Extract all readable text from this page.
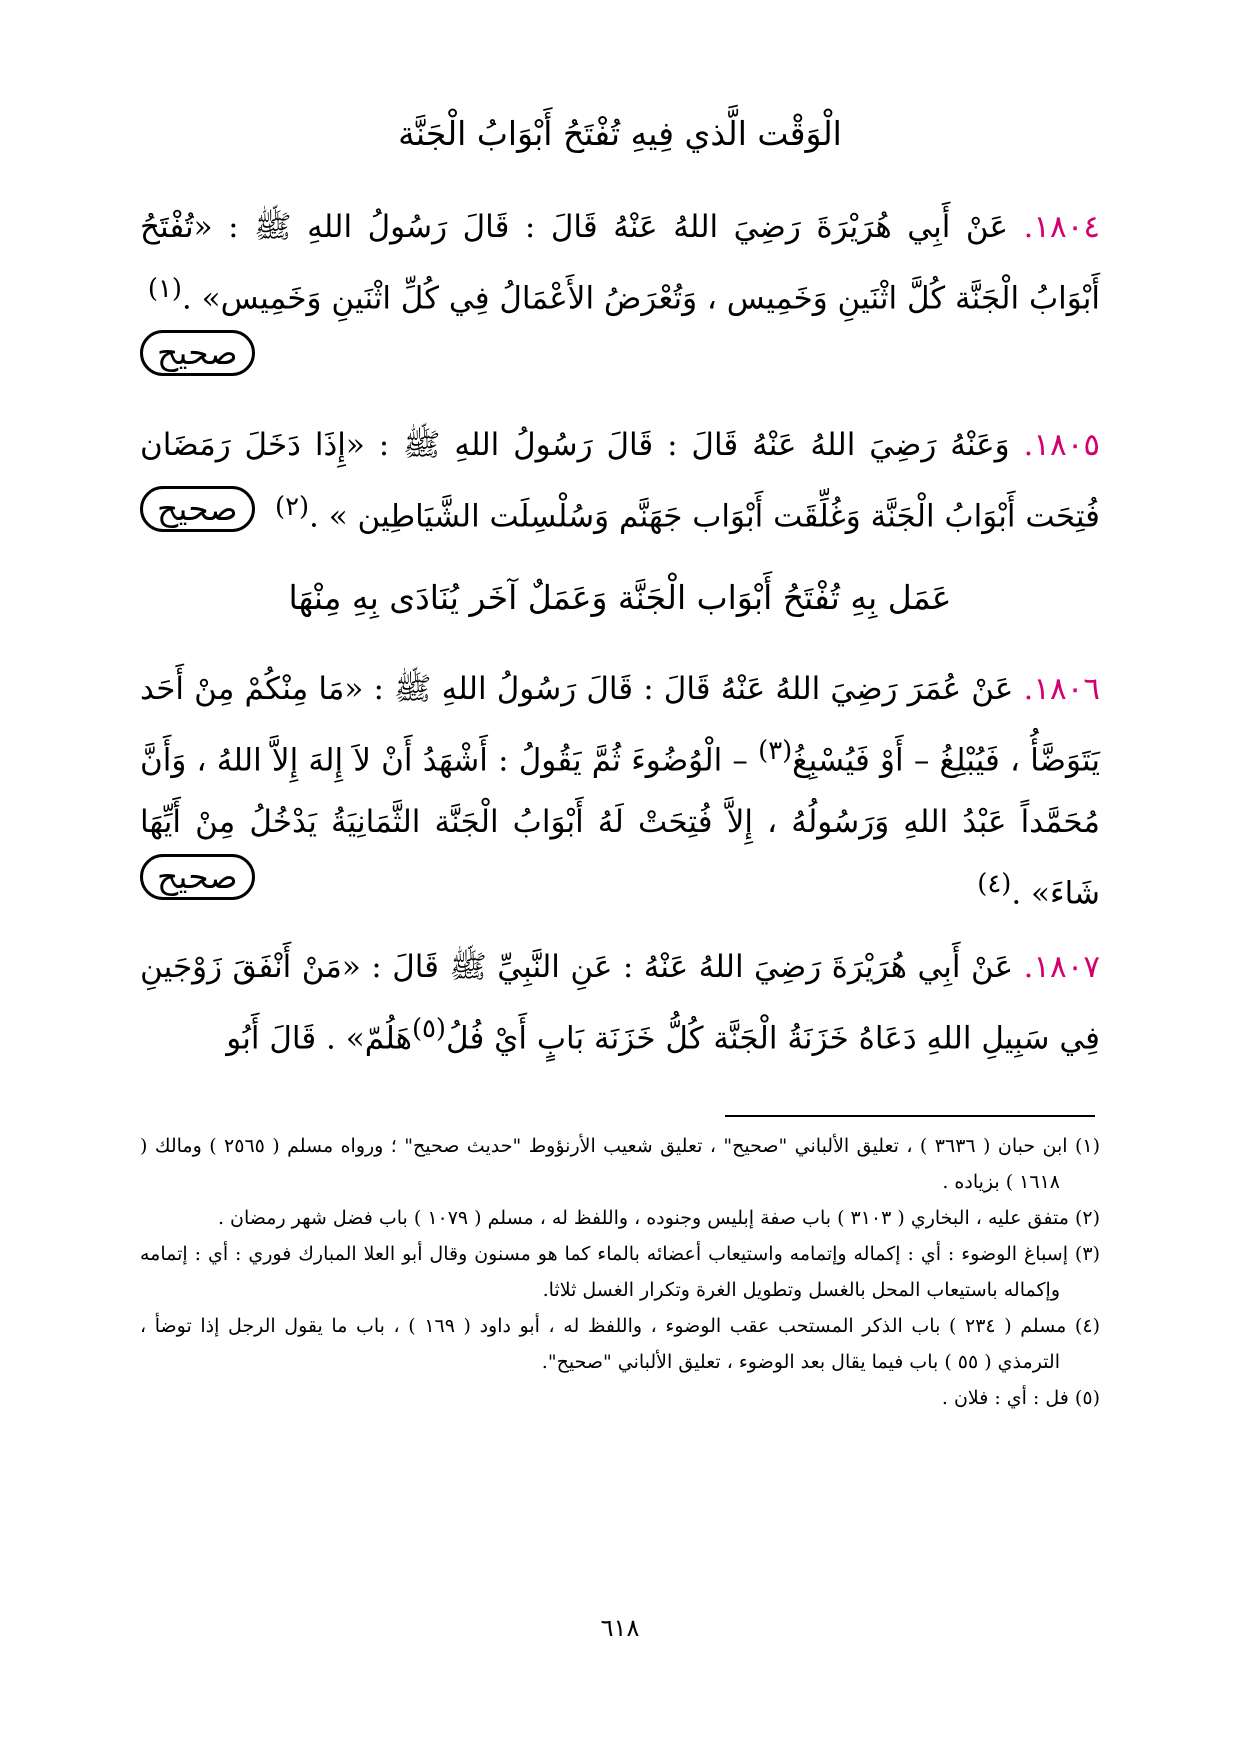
الْوَقْت الَّذي فِيهِ تُفْتَحُ أَبْوَابُ الْجَنَّة
١٨٠٤. عَنْ أَبِي هُرَيْرَةَ رَضِيَ اللهُ عَنْهُ قَالَ : قَالَ رَسُولُ اللهِ ﷺ : «تُفْتَحُ أَبْوَابُ الْجَنَّة كُلَّ اثْنَينِ وَخَمِيس ، وَتُعْرَضُ الأَعْمَالُ فِي كُلِّ اثْنَينِ وَخَمِيس» .$^{(١)}$
صحيح
١٨٠٥. وَعَنْهُ رَضِيَ اللهُ عَنْهُ قَالَ : قَالَ رَسُولُ اللهِ ﷺ : «إِذَا دَخَلَ رَمَضَان فُتِحَت أَبْوَابُ الْجَنَّة وَغُلِّقَت أَبْوَاب جَهَنَّم وَسُلْسِلَت الشَّيَاطِين » .$^{(٢)}$
صحيح
عَمَل بِهِ تُفْتَحُ أَبْوَاب الْجَنَّة وَعَمَلٌ آخَر يُنَادَى بِهِ مِنْهَا
١٨٠٦. عَنْ عُمَرَ رَضِيَ اللهُ عَنْهُ قَالَ : قَالَ رَسُولُ اللهِ ﷺ : «مَا مِنْكُمْ مِنْ أَحَد يَتَوَضَّأُ ، فَيُبْلِغُ – أَوْ فَيُسْبِغُ$^{(٣)}$ – الْوُضُوءَ ثُمَّ يَقُولُ : أَشْهَدُ أَنْ لاَ إِلهَ إِلاَّ اللهُ ، وَأَنَّ مُحَمَّداً عَبْدُ اللهِ وَرَسُولُهُ ، إِلاَّ فُتِحَتْ لَهُ أَبْوَابُ الْجَنَّة الثَّمَانِيَةُ يَدْخُلُ مِنْ أَيِّهَا شَاءَ» .$^{(٤)}$
صحيح
١٨٠٧. عَنْ أَبِي هُرَيْرَةَ رَضِيَ اللهُ عَنْهُ : عَنِ النَّبِيِّ ﷺ قَالَ : «مَنْ أَنْفَقَ زَوْجَينِ فِي سَبِيلِ اللهِ دَعَاهُ خَزَنَةُ الْجَنَّة كُلُّ خَزَنَة بَابٍ أَيْ فُلُ$^{(٥)}$هَلُمّ» . قَالَ أَبُو
(١) ابن حبان ( ٣٦٣٦ ) ، تعليق الألباني "صحيح" ، تعليق شعيب الأرنؤوط "حديث صحيح" ؛ ورواه مسلم ( ٢٥٦٥ ) ومالك ( ١٦١٨ ) بزياده .
(٢) متفق عليه ، البخاري ( ٣١٠٣ ) باب صفة إبليس وجنوده ، واللفظ له ، مسلم ( ١٠٧٩ ) باب فضل شهر رمضان .
(٣) إسباغ الوضوء : أي : إكماله وإتمامه واستيعاب أعضائه بالماء كما هو مسنون وقال أبو العلا المبارك فوري : أي : إتمامه وإكماله باستيعاب المحل بالغسل وتطويل الغرة وتكرار الغسل ثلاثا.
(٤) مسلم ( ٢٣٤ ) باب الذكر المستحب عقب الوضوء ، واللفظ له ، أبو داود ( ١٦٩ ) ، باب ما يقول الرجل إذا توضأ ، الترمذي ( ٥٥ ) باب فيما يقال بعد الوضوء ، تعليق الألباني "صحيح".
(٥) فل : أي : فلان .
٦١٨
